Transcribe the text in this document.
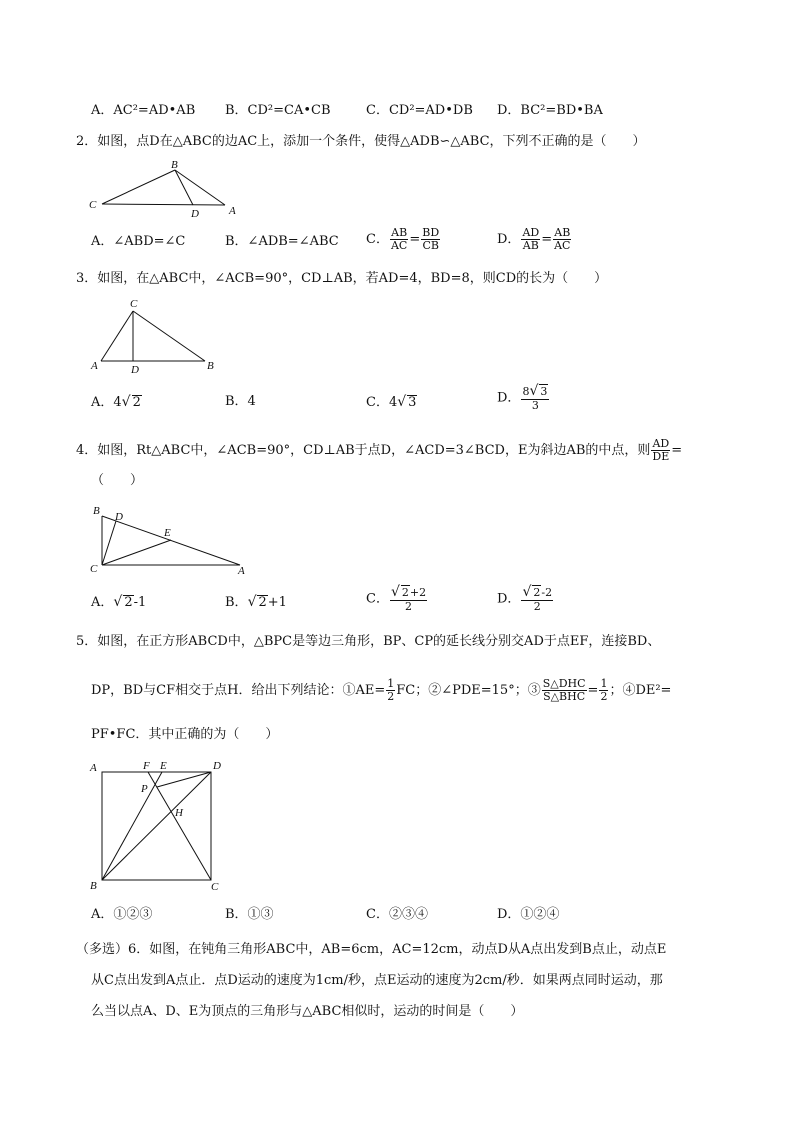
A．AC²=AD•AB B．CD²=CA•CB	C．CD²=AD•DB D．BC²=BD•BA
2．如图，点D在△ABC的边AC上，添加一个条件，使得△ADB∽△ABC，下列不正确的是（　　）
B
C
D	A
A．∠ABD=∠C	B．∠ADB=∠ABC C． $\frac{AB}{AC} = \frac{BD}{CB}$	D． $\frac{AD}{AB} = \frac{AB}{AC}$
3．如图，在△ABC中，∠ACB=90°，CD⊥AB，若AD=4，BD=8，则CD的长为（　　）
C
A	D	B
A．4√ 2	B．4	C．4√ 3	D． $\frac{8√ 3}{3}$
4．如图，Rt△ABC中，∠ACB=90°，CD⊥AB于点D，∠ACD=3∠BCD，E为斜边AB的中点，则 $\frac{AD}{DE}$ =
（　　）
B D
E
C	A
A．√ 2-1	B．√ 2+1	C． $\frac{√ 2+2}{2}$	D． $\frac{√ 2-2}{2}$
5．如图，在正方形ABCD中，△BPC是等边三角形，BP、CP的延长线分别交AD于点EF，连接BD、
DP，BD与CF相交于点H．给出下列结论：①AE= $\frac{1}{2}$ FC；②∠PDE=15°；③ $\frac{\text{S△DHC}}{\text{S△BHC}} = \frac{1}{2}$ ；④DE²=
PF•FC．其中正确的为（　　）
A	F E	D
P
H
B	C
A．①②③	B．①③	C．②③④	D．①②④
（多选）6．如图，在钝角三角形ABC中，AB=6cm，AC=12cm，动点D从A点出发到B点止，动点E
从C点出发到A点止．点D运动的速度为1cm/秒，点E运动的速度为2cm/秒．如果两点同时运动，那
么当以点A、D、E为顶点的三角形与△ABC相似时，运动的时间是（　　）
